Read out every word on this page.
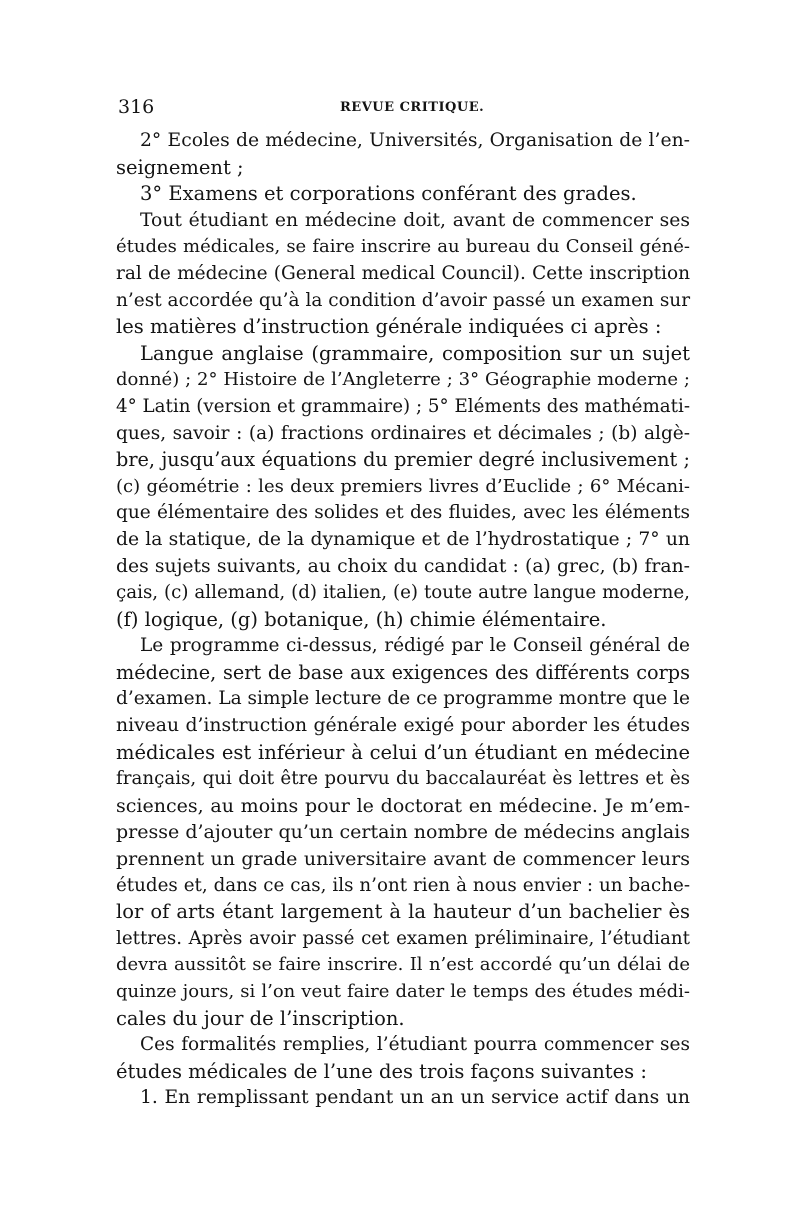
316	REVUE CRITIQUE.
2° Ecoles de médecine, Universités, Organisation de l’en-
seignement ;
3° Examens et corporations conférant des grades.
Tout étudiant en médecine doit, avant de commencer ses
études médicales, se faire inscrire au bureau du Conseil géné-
ral de médecine (General medical Council). Cette inscription
n’est accordée qu’à la condition d’avoir passé un examen sur
les matières d’instruction générale indiquées ci après :
Langue anglaise (grammaire, composition sur un sujet
donné) ; 2° Histoire de l’Angleterre ; 3° Géographie moderne ;
4° Latin (version et grammaire) ; 5° Eléments des mathémati-
ques, savoir : (a) fractions ordinaires et décimales ; (b) algè-
bre, jusqu’aux équations du premier degré inclusivement ;
(c) géométrie : les deux premiers livres d’Euclide ; 6° Mécani-
que élémentaire des solides et des fluides, avec les éléments
de la statique, de la dynamique et de l’hydrostatique ; 7° un
des sujets suivants, au choix du candidat : (a) grec, (b) fran-
çais, (c) allemand, (d) italien, (e) toute autre langue moderne,
(f) logique, (g) botanique, (h) chimie élémentaire.
Le programme ci-dessus, rédigé par le Conseil général de
médecine, sert de base aux exigences des différents corps
d’examen. La simple lecture de ce programme montre que le
niveau d’instruction générale exigé pour aborder les études
médicales est inférieur à celui d’un étudiant en médecine
français, qui doit être pourvu du baccalauréat ès lettres et ès
sciences, au moins pour le doctorat en médecine. Je m’em-
presse d’ajouter qu’un certain nombre de médecins anglais
prennent un grade universitaire avant de commencer leurs
études et, dans ce cas, ils n’ont rien à nous envier : un bache-
lor of arts étant largement à la hauteur d’un bachelier ès
lettres. Après avoir passé cet examen préliminaire, l’étudiant
devra aussitôt se faire inscrire. Il n’est accordé qu’un délai de
quinze jours, si l’on veut faire dater le temps des études médi-
cales du jour de l’inscription.
Ces formalités remplies, l’étudiant pourra commencer ses
études médicales de l’une des trois façons suivantes :
1. En remplissant pendant un an un service actif dans un
